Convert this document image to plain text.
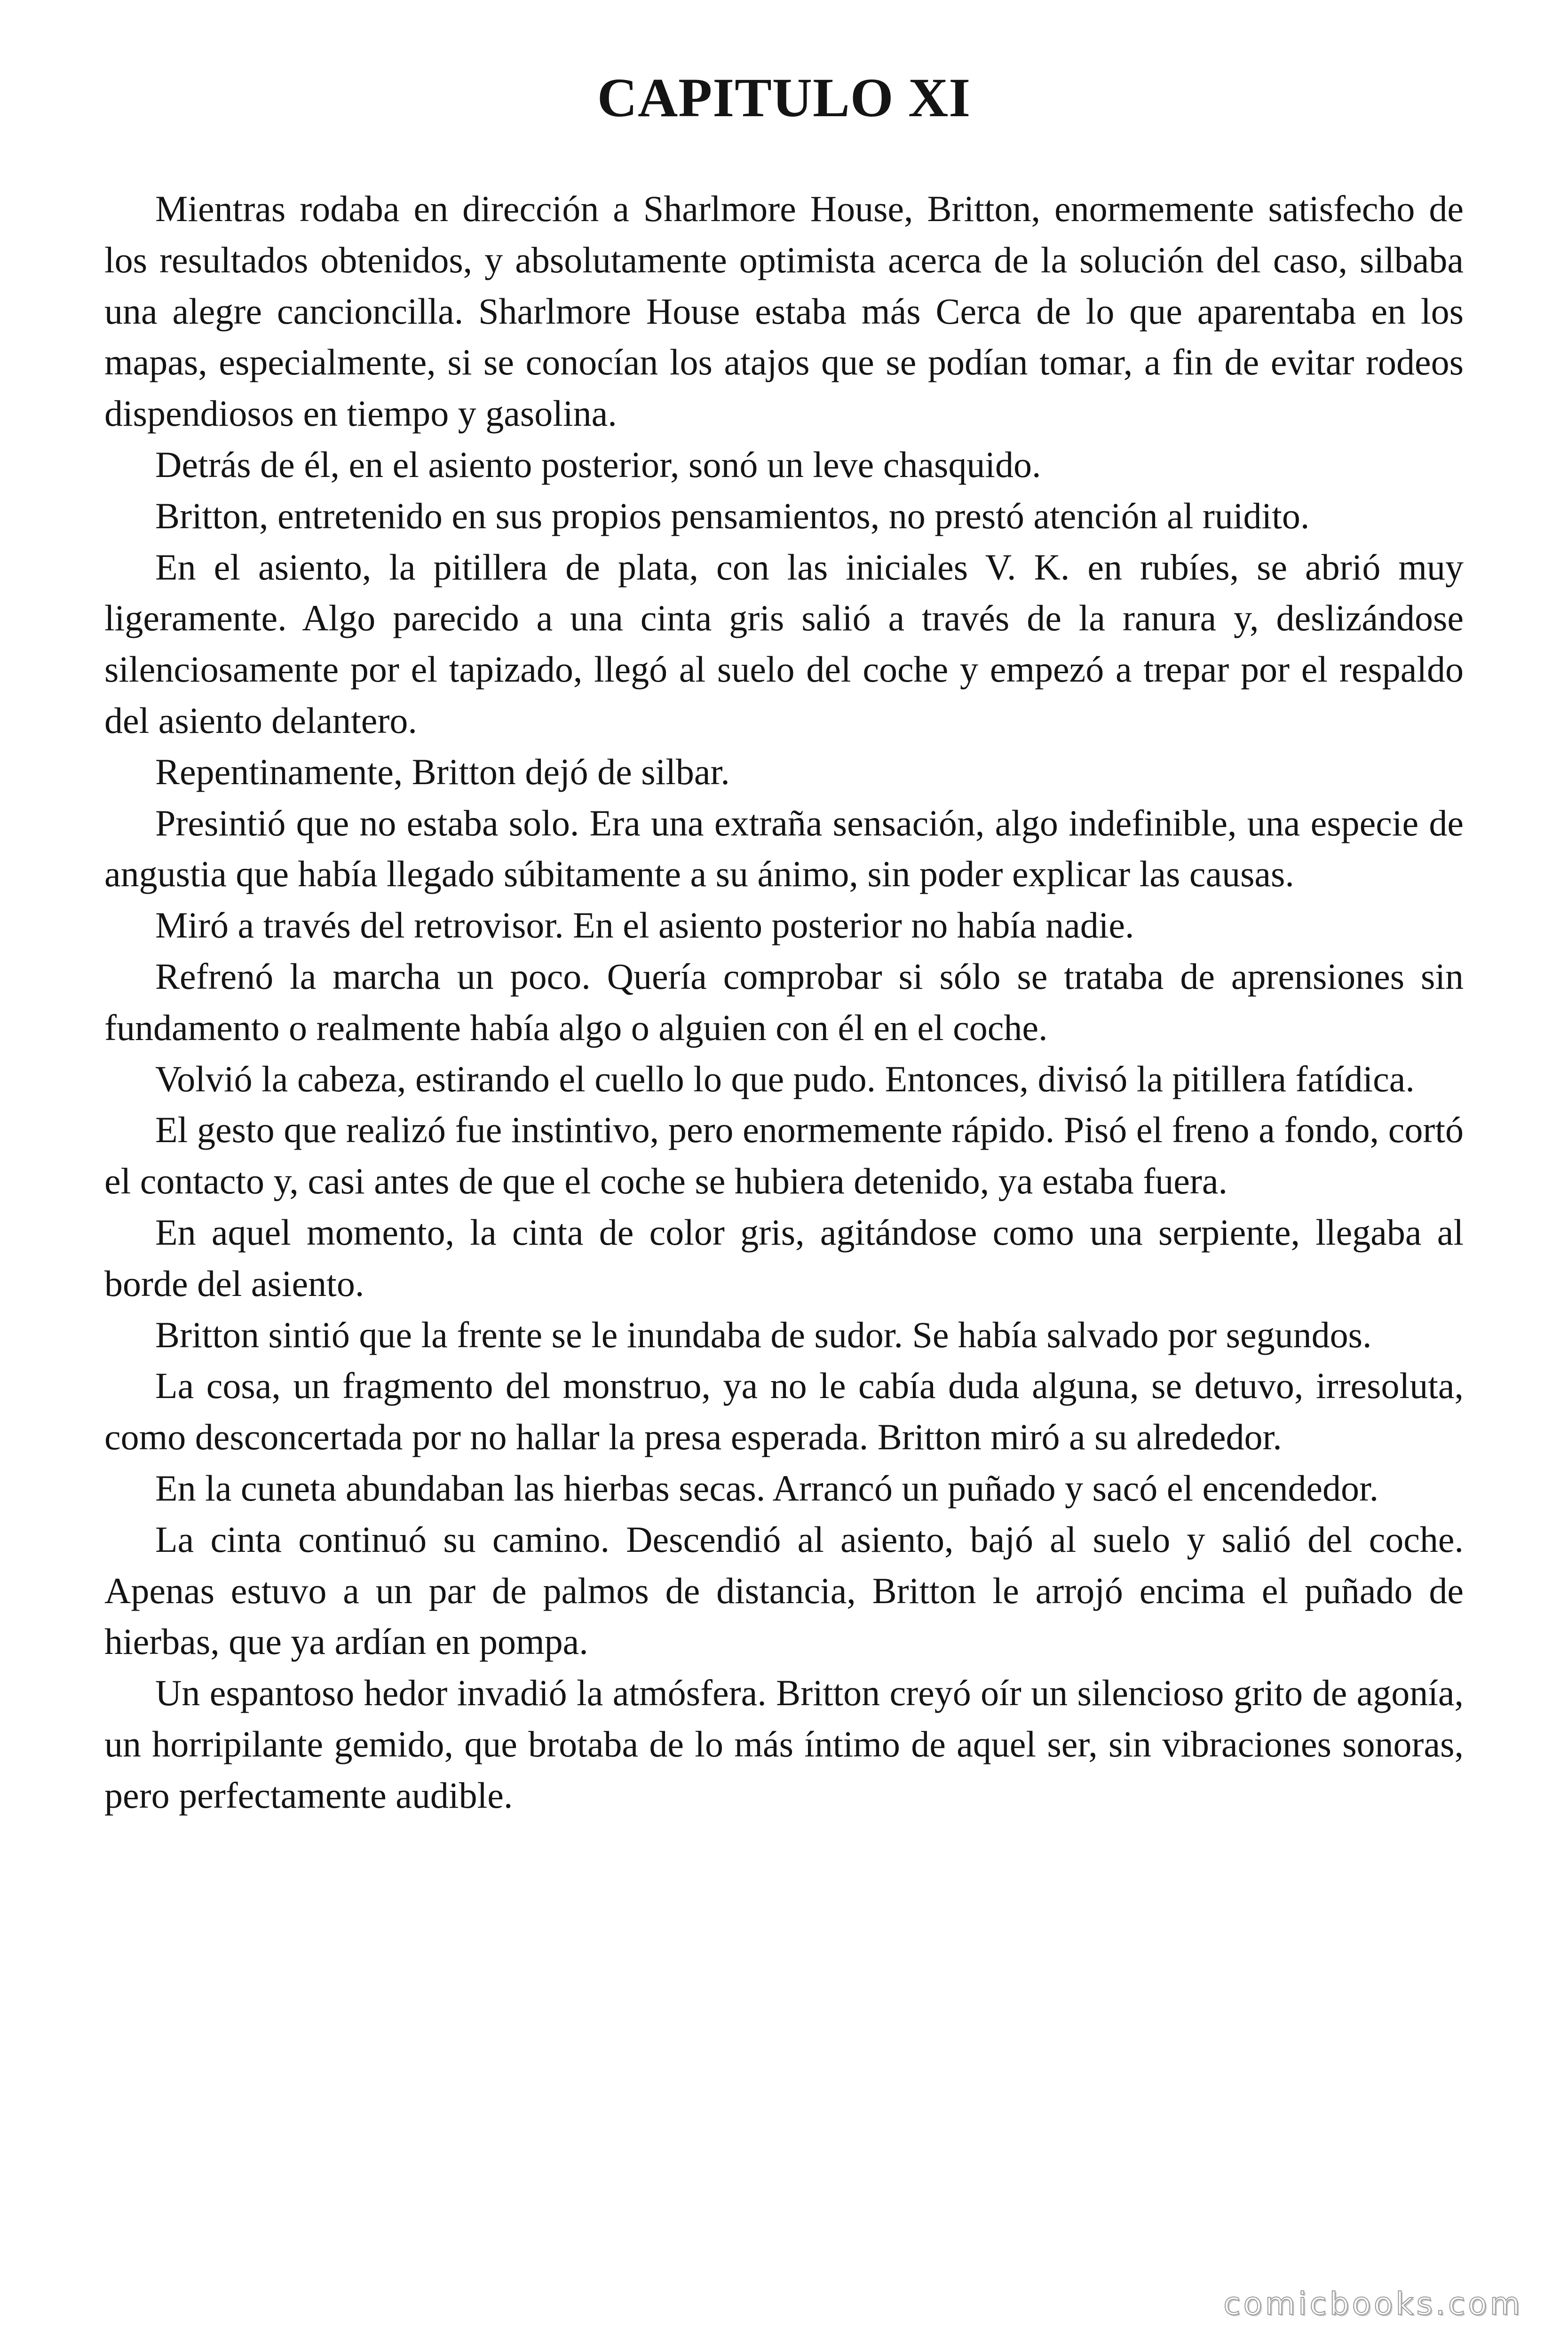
CAPITULO XI

Mientras rodaba en dirección a Sharlmore House, Britton, enormemente satisfecho de los resultados obtenidos, y absolutamente optimista acerca de la solución del caso, silbaba una alegre cancioncilla. Sharlmore House estaba más Cerca de lo que aparentaba en los mapas, especialmente, si se conocían los atajos que se podían tomar, a fin de evitar rodeos dispendiosos en tiempo y gasolina.

Detrás de él, en el asiento posterior, sonó un leve chasquido.

Britton, entretenido en sus propios pensamientos, no prestó atención al ruidito.

En el asiento, la pitillera de plata, con las iniciales V. K. en rubíes, se abrió muy ligeramente. Algo parecido a una cinta gris salió a través de la ranura y, deslizándose silenciosamente por el tapizado, llegó al suelo del coche y empezó a trepar por el respaldo del asiento delantero.

Repentinamente, Britton dejó de silbar.

Presintió que no estaba solo. Era una extraña sensación, algo indefinible, una especie de angustia que había llegado súbitamente a su ánimo, sin poder explicar las causas.

Miró a través del retrovisor. En el asiento posterior no había nadie.

Refrenó la marcha un poco. Quería comprobar si sólo se trataba de aprensiones sin fundamento o realmente había algo o alguien con él en el coche.

Volvió la cabeza, estirando el cuello lo que pudo. Entonces, divisó la pitillera fatídica.

El gesto que realizó fue instintivo, pero enormemente rápido. Pisó el freno a fondo, cortó el contacto y, casi antes de que el coche se hubiera detenido, ya estaba fuera.

En aquel momento, la cinta de color gris, agitándose como una serpiente, llegaba al borde del asiento.

Britton sintió que la frente se le inundaba de sudor. Se había salvado por segundos.

La cosa, un fragmento del monstruo, ya no le cabía duda alguna, se detuvo, irresoluta, como desconcertada por no hallar la presa esperada. Britton miró a su alrededor.

En la cuneta abundaban las hierbas secas. Arrancó un puñado y sacó el encendedor.

La cinta continuó su camino. Descendió al asiento, bajó al suelo y salió del coche. Apenas estuvo a un par de palmos de distancia, Britton le arrojó encima el puñado de hierbas, que ya ardían en pompa.

Un espantoso hedor invadió la atmósfera. Britton creyó oír un silencioso grito de agonía, un horripilante gemido, que brotaba de lo más íntimo de aquel ser, sin vibraciones sonoras, pero perfectamente audible.

comicbooks.com
